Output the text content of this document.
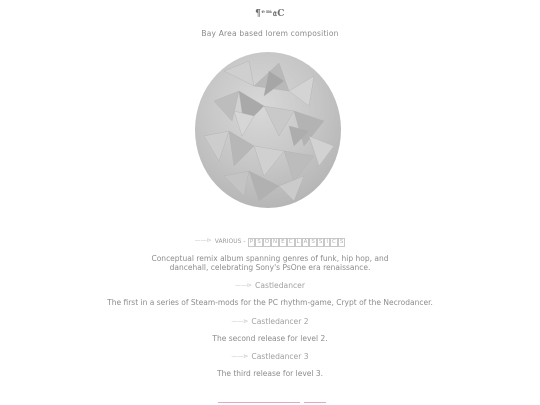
¶ᵉᵐ𝔞C
Bay Area based lorem composition
——⊳ VARIOUS - P S O N E C L A S S I C S
Conceptual remix album spanning genres of funk, hip hop, and
dancehall, celebrating Sony's PsOne era renaissance.
——⊳ Castledancer
The first in a series of Steam-mods for the PC rhythm-game, Crypt of the Necrodancer.
——⊳ Castledancer 2
The second release for level 2.
——⊳ Castledancer 3
The third release for level 3.
